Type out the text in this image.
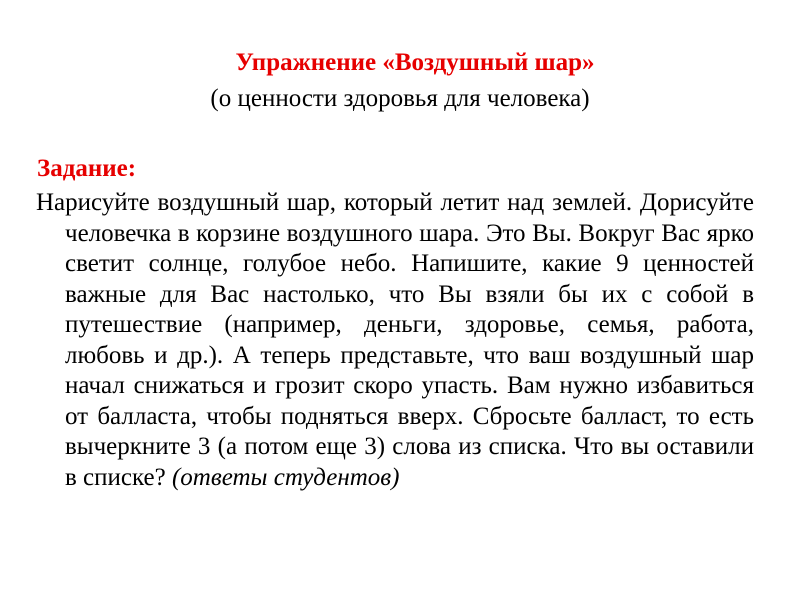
Упражнение «Воздушный шар»
(о ценности здоровья для человека)
Задание:
Нарисуйте воздушный шар, который летит над землей. Дорисуйте человечка в корзине воздушного шара. Это Вы. Вокруг Вас ярко светит солнце, голубое небо. Напишите, какие 9 ценностей важные для Вас настолько, что Вы взяли бы их с собой в путешествие (например, деньги, здоровье, семья, работа, любовь и др.). А теперь представьте, что ваш воздушный шар начал снижаться и грозит скоро упасть. Вам нужно избавиться от балласта, чтобы подняться вверх. Сбросьте балласт, то есть вычеркните 3 (а потом еще 3) слова из списка. Что вы оставили в списке? (ответы студентов)
